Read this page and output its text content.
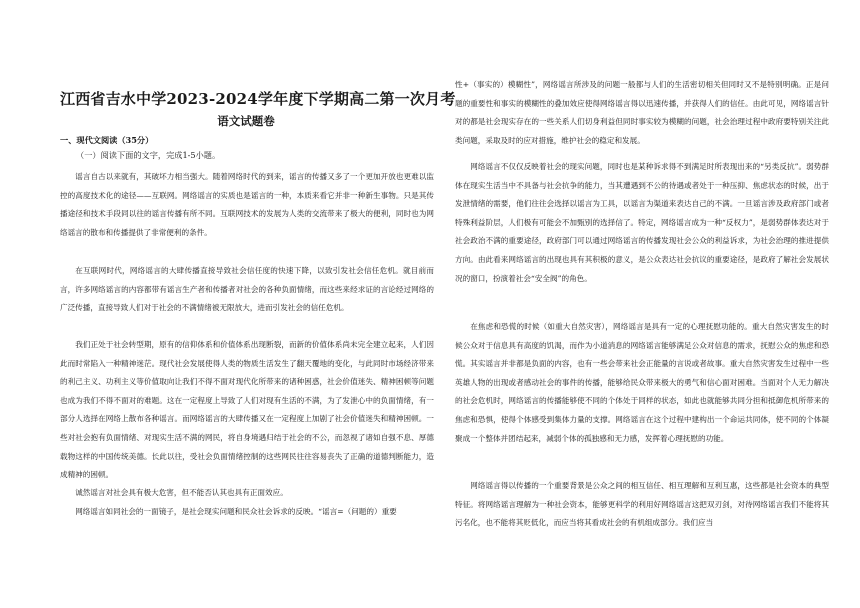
江西省吉水中学2023-2024学年度下学期高二第一次月考
语文试题卷
一、现代文阅读（35分）
（一）阅读下面的文字，完成1-5小题。

谣言自古以来就有，其破坏力相当强大。随着网络时代的到来，谣言的传播又多了一个更加开放也更难以监控的高度技术化的途径——互联网。网络谣言的实质也是谣言的一种，本质来看它并非一种新生事物。只是其传播途径和技术手段同以往的谣言传播有所不同。互联网技术的发展为人类的交流带来了极大的便利，同时也为网络谣言的散布和传播提供了非常便利的条件。

在互联网时代，网络谣言的大肆传播直接导致社会信任度的快速下降，以致引发社会信任危机。就目前而言，许多网络谣言的内容都带有谣言生产者和传播者对社会的各种负面情绪，而这些来经求证的言论经过网络的广泛传播，直接导致人们对于社会的不满情绪被无限放大，进而引发社会的信任危机。

我们正处于社会转型期，原有的信仰体系和价值体系出现断裂，而新的价值体系尚未完全建立起来，人们因此而时常陷入一种精神迷茫。现代社会发展使得人类的物质生活发生了翻天覆地的变化，与此同时市场经济带来的利己主义、功利主义等价值取向让我们不得不面对现代化所带来的诸种困惑，社会价值迷失、精神困顿等问题也成为我们不得不面对的难题。这在一定程度上导致了人们对现有生活的不满，为了发泄心中的负面情绪，有一部分人选择在网络上散布各种谣言。而网络谣言的大肆传播又在一定程度上加剧了社会价值迷失和精神困顿。一些对社会抱有负面情绪、对现实生活不满的网民，将自身境遇归结于社会的不公，而忽视了诸如自强不息、厚德载物这样的中国传统美德。长此以往，受社会负面情绪控制的这些网民往往容易丧失了正确的道德判断能力，造成精神的困顿。

诚然谣言对社会具有极大危害，但不能否认其也具有正面效应。

网络谣言如同社会的一面镜子，是社会现实问题和民众社会诉求的反映。“谣言=（问题的）重要

性+（事实的）模糊性”，网络谣言所涉及的问题一般都与人们的生活密切相关但同时又不是特别明确。正是问题的重要性和事实的模糊性的叠加效应使得网络谣言得以迅速传播，并获得人们的信任。由此可见，网络谣言针对的都是社会现实存在的一些关系人们切身利益但同时事实较为模糊的问题，社会治理过程中政府要特别关注此类问题，采取及时的应对措施，维护社会的稳定和发展。

网络谣言不仅仅反映着社会的现实问题，同时也是某种诉求得不到满足时所表现出来的“另类反抗”。弱势群体在现实生活当中不具备与社会抗争的能力，当其遭遇到不公的待遇或者处于一种压抑、焦虑状态的时候，出于发泄情绪的需要，他们往往会选择以谣言为工具，以谣言为渠道来表达自己的不满。一旦谣言涉及政府部门或者特殊利益阶层，人们极有可能会不加甄别的选择信了。特定，网络谣言成为一种“反权力”，是弱势群体表达对于社会政治不满的重要途径，政府部门可以通过网络谣言的传播发现社会公众的利益诉求，为社会治理的推进提供方向。由此看来网络谣言的出现也具有其积极的意义，是公众表达社会抗议的重要途径，是政府了解社会发展状况的窗口，扮演着社会“安全阀”的角色。

在焦虑和恐慌的时候（如重大自然灾害），网络谣言是具有一定的心理抚慰功能的。重大自然灾害发生的时候公众对于信息具有高度的饥渴，而作为小道消息的网络谣言能够满足公众对信息的需求，抚慰公众的焦虑和恐慌。其实谣言并非都是负面的内容，也有一些会带来社会正能量的言说或者故事。重大自然灾害发生过程中一些英雄人物的出现或者感动社会的事件的传播，能够给民众带来极大的勇气和信心面对困难。当面对个人无力解决的社会危机时，网络谣言的传播能够使不同的个体处于同样的状态，如此也就能够共同分担和抵御危机所带来的焦虑和恐惧，使得个体感受到集体力量的支撑。网络谣言在这个过程中建构出一个命运共同体，使不同的个体凝聚成一个整体并团结起来，减弱个体的孤独感和无力感，发挥着心理抚慰的功能。

网络谣言得以传播的一个重要背景是公众之间的相互信任、相互理解和互利互惠，这些都是社会资本的典型特征。将网络谣言理解为一种社会资本，能够更科学的利用好网络谣言这把双刃剑，对待网络谣言我们不能将其污名化，也不能将其贬低化，而应当将其看成社会的有机组成部分。我们应当
